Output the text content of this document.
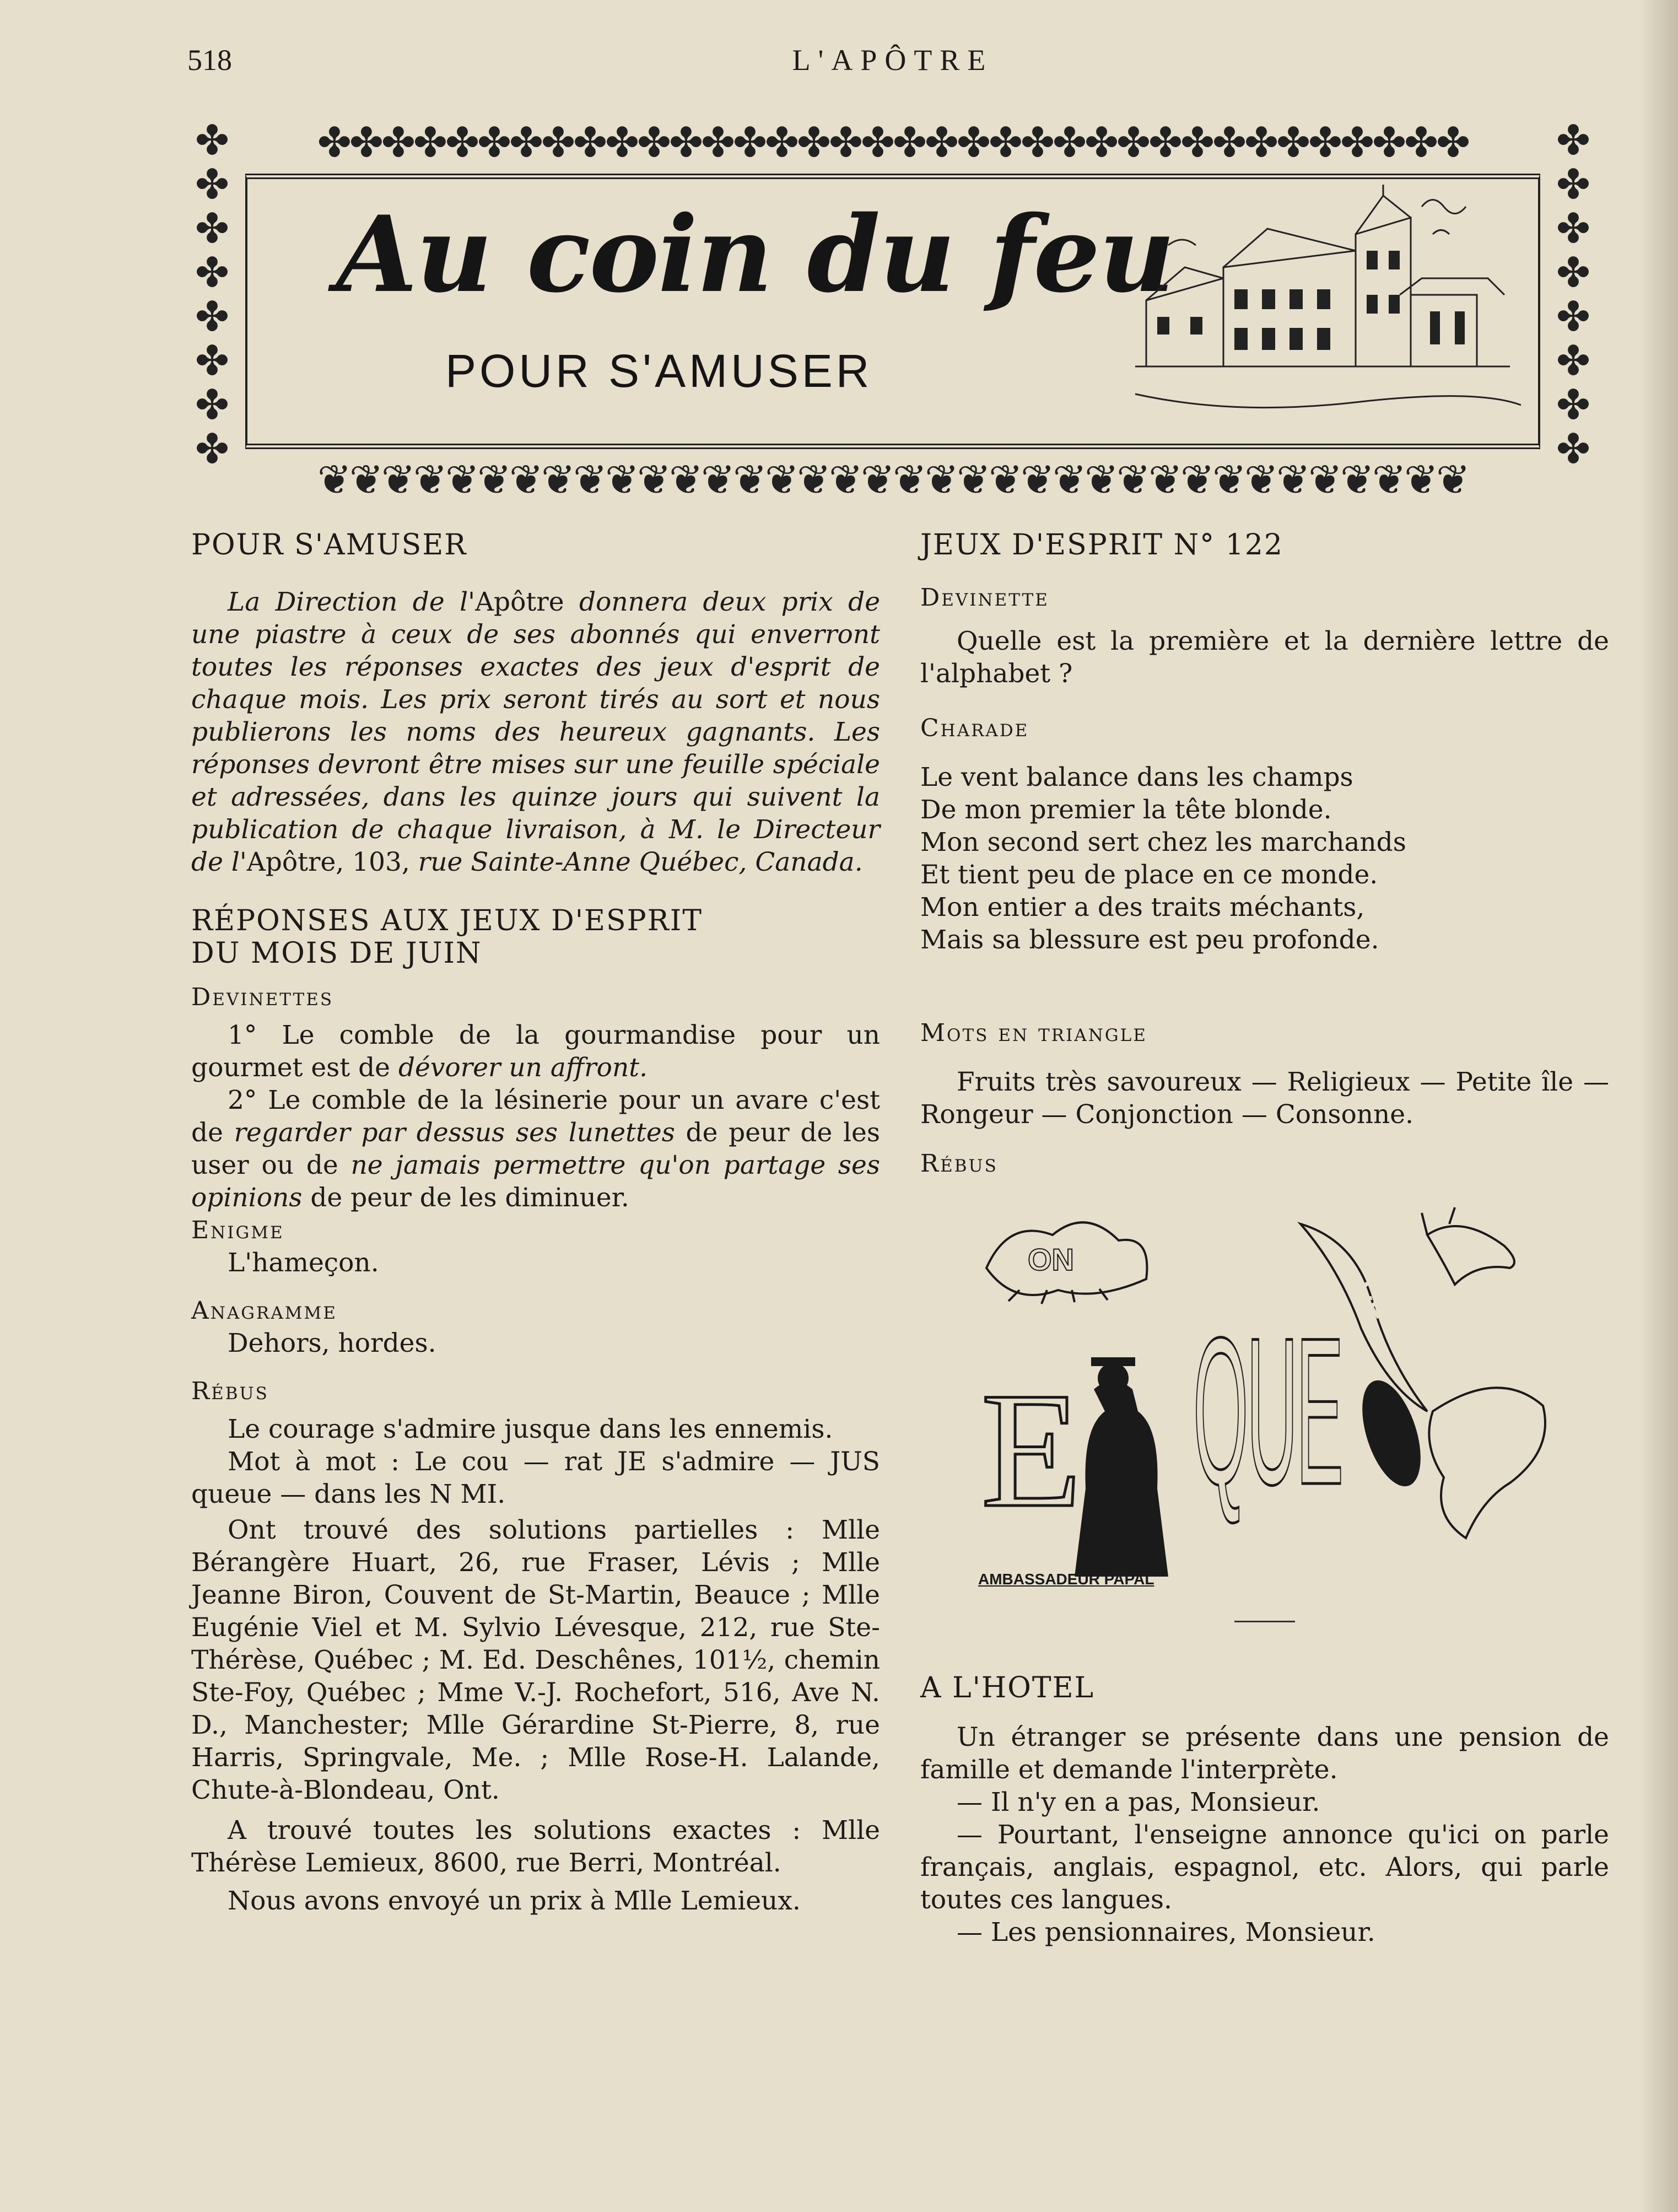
L'APÔTRE
518
✤✤✤✤✤✤✤✤✤✤✤✤✤✤✤✤✤✤✤✤✤✤✤✤✤✤✤✤✤✤✤✤✤✤✤✤
❦❦❦❦❦❦❦❦❦❦❦❦❦❦❦❦❦❦❦❦❦❦❦❦❦❦❦❦❦❦❦❦❦❦❦❦
✤ ✤ ✤ ✤ ✤ ✤ ✤ ✤
✤ ✤ ✤ ✤ ✤ ✤ ✤ ✤
Au coin du feu
POUR S'AMUSER

POUR S'AMUSER

La Direction de l'Apôtre donnera deux prix de une piastre à ceux de ses abonnés qui enverront toutes les réponses exactes des jeux d'esprit de chaque mois. Les prix seront tirés au sort et nous publierons les noms des heureux gagnants. Les réponses devront être mises sur une feuille spéciale et adressées, dans les quinze jours qui suivent la publication de chaque livraison, à M. le Directeur de l'Apôtre, 103, rue Sainte-Anne Québec, Canada.

RÉPONSES AUX JEUX D'ESPRIT

DU MOIS DE JUIN

Devinettes

1° Le comble de la gourmandise pour un gourmet est de dévorer un affront.

2° Le comble de la lésinerie pour un avare c'est de regarder par dessus ses lunettes de peur de les user ou de ne jamais permettre qu'on partage ses opinions de peur de les diminuer.

Enigme

L'hameçon.

Anagramme

Dehors, hordes.

Rébus

Le courage s'admire jusque dans les ennemis.

Mot à mot : Le cou — rat JE s'admire — JUS queue — dans les N MI.

Ont trouvé des solutions partielles : Mlle Bérangère Huart, 26, rue Fraser, Lévis ; Mlle Jeanne Biron, Couvent de St-Martin, Beauce ; Mlle Eugénie Viel et M. Sylvio Lévesque, 212, rue Ste-Thérèse, Québec ; M. Ed. Deschênes, 101½, chemin Ste-Foy, Québec ; Mme V.-J. Rochefort, 516, Ave N. D., Manchester; Mlle Gérardine St-Pierre, 8, rue Harris, Springvale, Me. ; Mlle Rose-H. Lalande, Chute-à-Blondeau, Ont.

A trouvé toutes les solutions exactes : Mlle Thérèse Lemieux, 8600, rue Berri, Montréal.

Nous avons envoyé un prix à Mlle Lemieux.

JEUX D'ESPRIT N° 122

Devinette

Quelle est la première et la dernière lettre de l'alphabet ?

Charade

Le vent balance dans les champs

De mon premier la tête blonde.

Mon second sert chez les marchands

Et tient peu de place en ce monde.

Mon entier a des traits méchants,

Mais sa blessure est peu profonde.

Mots en triangle

Fruits très savoureux — Religieux — Petite île — Rongeur — Conjonction — Consonne.

Rébus

ON
CE
E QUE
AMBASSADEUR PAPAL

A L'HOTEL

Un étranger se présente dans une pension de famille et demande l'interprète.

— Il n'y en a pas, Monsieur.

— Pourtant, l'enseigne annonce qu'ici on parle français, anglais, espagnol, etc. Alors, qui parle toutes ces langues.

— Les pensionnaires, Monsieur.
